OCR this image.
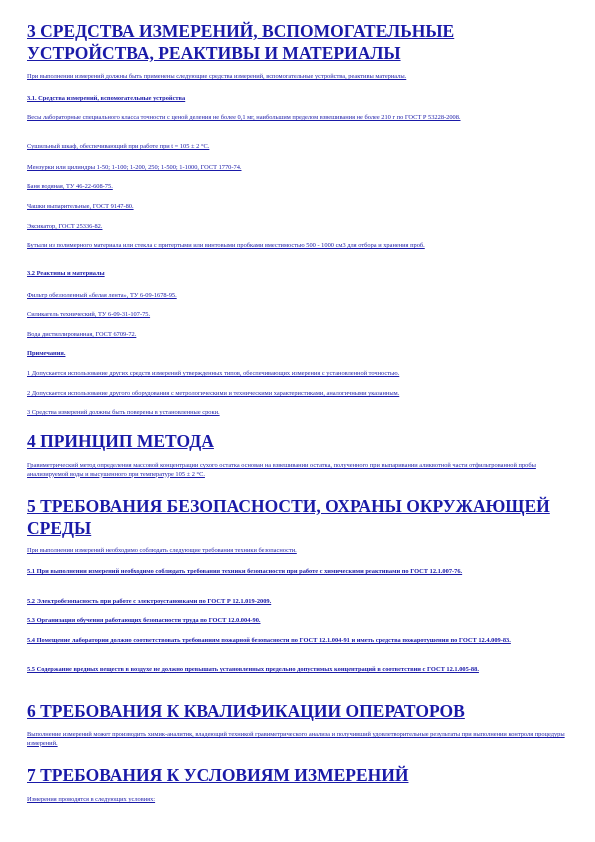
3 СРЕДСТВА ИЗМЕРЕНИЙ, ВСПОМОГАТЕЛЬНЫЕ УСТРОЙСТВА, РЕАКТИВЫ И МАТЕРИАЛЫ

При выполнении измерений должны быть применены следующие средства измерений, вспомогательные устройства, реактивы материалы.

3.1. Средства измерений, вспомогательные устройства

Весы лабораторные специального класса точности с ценой деления не более 0,1 мг, наибольшим пределом взвешивания не более 210 г по ГОСТ Р 53228-2008.

Сушильный шкаф, обеспечивающий при работе при t = 105 ± 2 °С.

Мензурки или цилиндры 1-50; 1-100; 1-200, 250; 1-500; 1-1000, ГОСТ 1770-74.

Баня водяная, ТУ 46-22-608-75.

Чашки выпарительные, ГОСТ 9147-80.

Эксикатор, ГОСТ 25336-82.

Бутыли из полимерного материала или стекла с притертыми или винтовыми пробками вместимостью 500 - 1000 см3 для отбора и хранения проб.

3.2 Реактивы и материалы

Фильтр обеззоленный «белая лента», ТУ 6-09-1678-95.

Силикагель технический, ТУ 6-09-31-107-75.

Вода дистиллированная, ГОСТ 6709-72.

Примечания.

1 Допускается использование других средств измерений утвержденных типов, обеспечивающих измерения с установленной точностью.

2 Допускается использование другого оборудования с метрологическими и техническими характеристиками, аналогичными указанным.

3 Средства измерений должны быть поверены в установленные сроки.

4 ПРИНЦИП МЕТОДА

Гравиметрический метод определения массовой концентрации сухого остатка основан на взвешивании остатка, полученного при выпаривании аликвотной части отфильтрованной пробы анализируемой воды и высушенного при температуре 105 ± 2 °С.

5 ТРЕБОВАНИЯ БЕЗОПАСНОСТИ, ОХРАНЫ ОКРУЖАЮЩЕЙ СРЕДЫ

При выполнении измерений необходимо соблюдать следующие требования техники безопасности.

5.1 При выполнении измерений необходимо соблюдать требования техники безопасности при работе с химическими реактивами по ГОСТ 12.1.007-76.

5.2 Электробезопасность при работе с электроустановками по ГОСТ Р 12.1.019-2009.

5.3 Организация обучения работающих безопасности труда по ГОСТ 12.0.004-90.

5.4 Помещение лаборатории должно соответствовать требованиям пожарной безопасности по ГОСТ 12.1.004-91 и иметь средства пожаротушения по ГОСТ 12.4.009-83.

5.5 Содержание вредных веществ в воздухе не должно превышать установленных предельно допустимых концентраций в соответствии с ГОСТ 12.1.005-88.

6 ТРЕБОВАНИЯ К КВАЛИФИКАЦИИ ОПЕРАТОРОВ

Выполнение измерений может производить химик-аналитик, владеющий техникой гравиметрического анализа и получивший удовлетворительные результаты при выполнении контроля процедуры измерений.

7 ТРЕБОВАНИЯ К УСЛОВИЯМ ИЗМЕРЕНИЙ

Измерения проводятся в следующих условиях:
